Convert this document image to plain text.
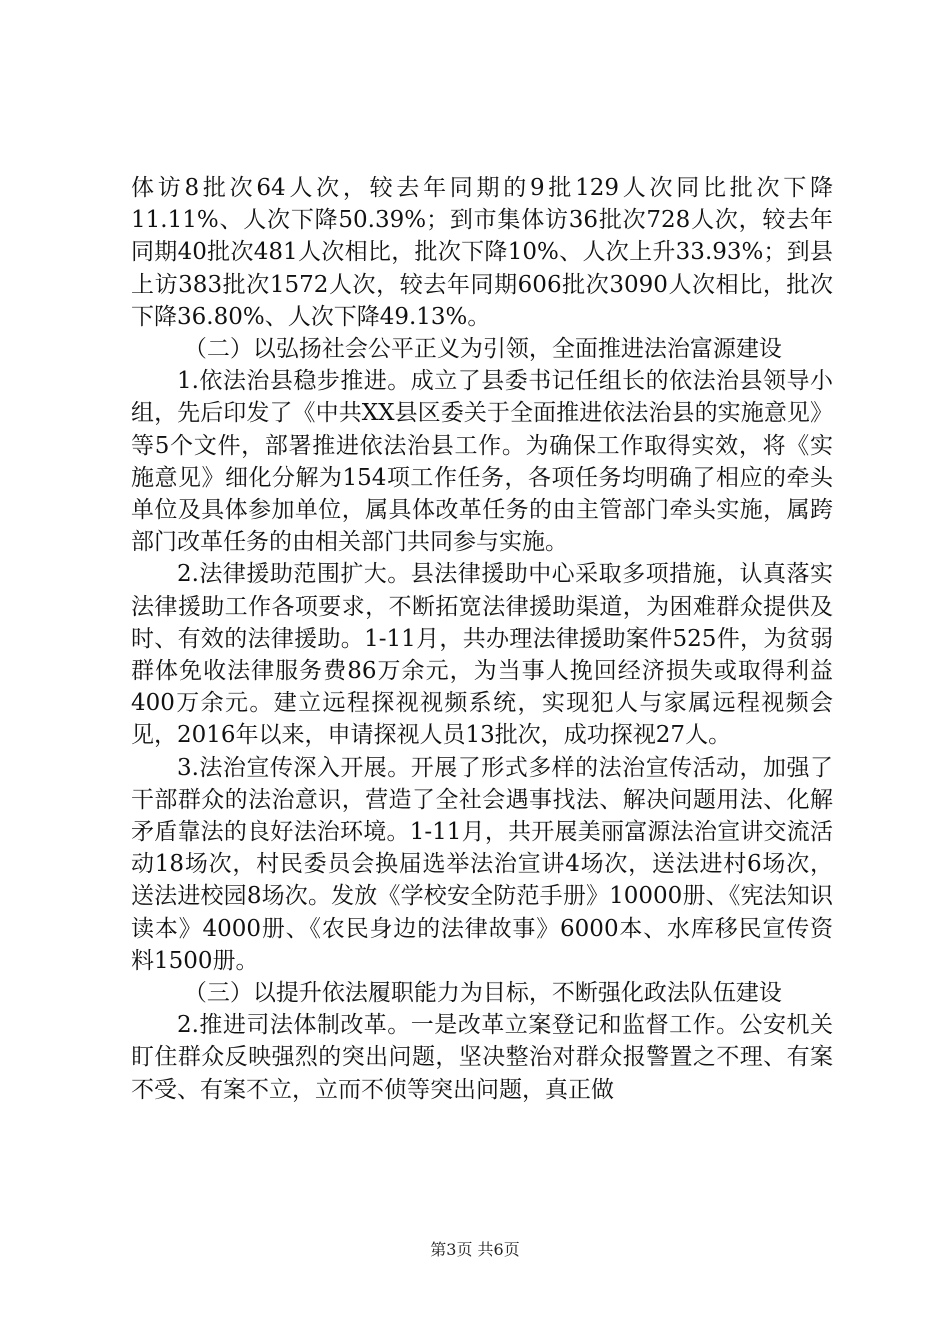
体访8批次64人次，较去年同期的9批129人次同比批次下降11.11%、人次下降50.39%；到市集体访36批次728人次，较去年同期40批次481人次相比，批次下降10%、人次上升33.93%；到县上访383批次1572人次，较去年同期606批次3090人次相比，批次下降36.80%、人次下降49.13%。

（二）以弘扬社会公平正义为引领，全面推进法治富源建设

1.依法治县稳步推进。成立了县委书记任组长的依法治县领导小组，先后印发了《中共XX县区委关于全面推进依法治县的实施意见》等5个文件，部署推进依法治县工作。为确保工作取得实效，将《实施意见》细化分解为154项工作任务，各项任务均明确了相应的牵头单位及具体参加单位，属具体改革任务的由主管部门牵头实施，属跨部门改革任务的由相关部门共同参与实施。

2.法律援助范围扩大。县法律援助中心采取多项措施，认真落实法律援助工作各项要求，不断拓宽法律援助渠道，为困难群众提供及时、有效的法律援助。1-11月，共办理法律援助案件525件，为贫弱群体免收法律服务费86万余元，为当事人挽回经济损失或取得利益400万余元。建立远程探视视频系统，实现犯人与家属远程视频会见，2016年以来，申请探视人员13批次，成功探视27人。

3.法治宣传深入开展。开展了形式多样的法治宣传活动，加强了干部群众的法治意识，营造了全社会遇事找法、解决问题用法、化解矛盾靠法的良好法治环境。1-11月，共开展美丽富源法治宣讲交流活动18场次，村民委员会换届选举法治宣讲4场次，送法进村6场次，送法进校园8场次。发放《学校安全防范手册》10000册、《宪法知识读本》4000册、《农民身边的法律故事》6000本、水库移民宣传资料1500册。

（三）以提升依法履职能力为目标，不断强化政法队伍建设

2.推进司法体制改革。一是改革立案登记和监督工作。公安机关盯住群众反映强烈的突出问题，坚决整治对群众报警置之不理、有案不受、有案不立，立而不侦等突出问题，真正做

第3页 共6页
